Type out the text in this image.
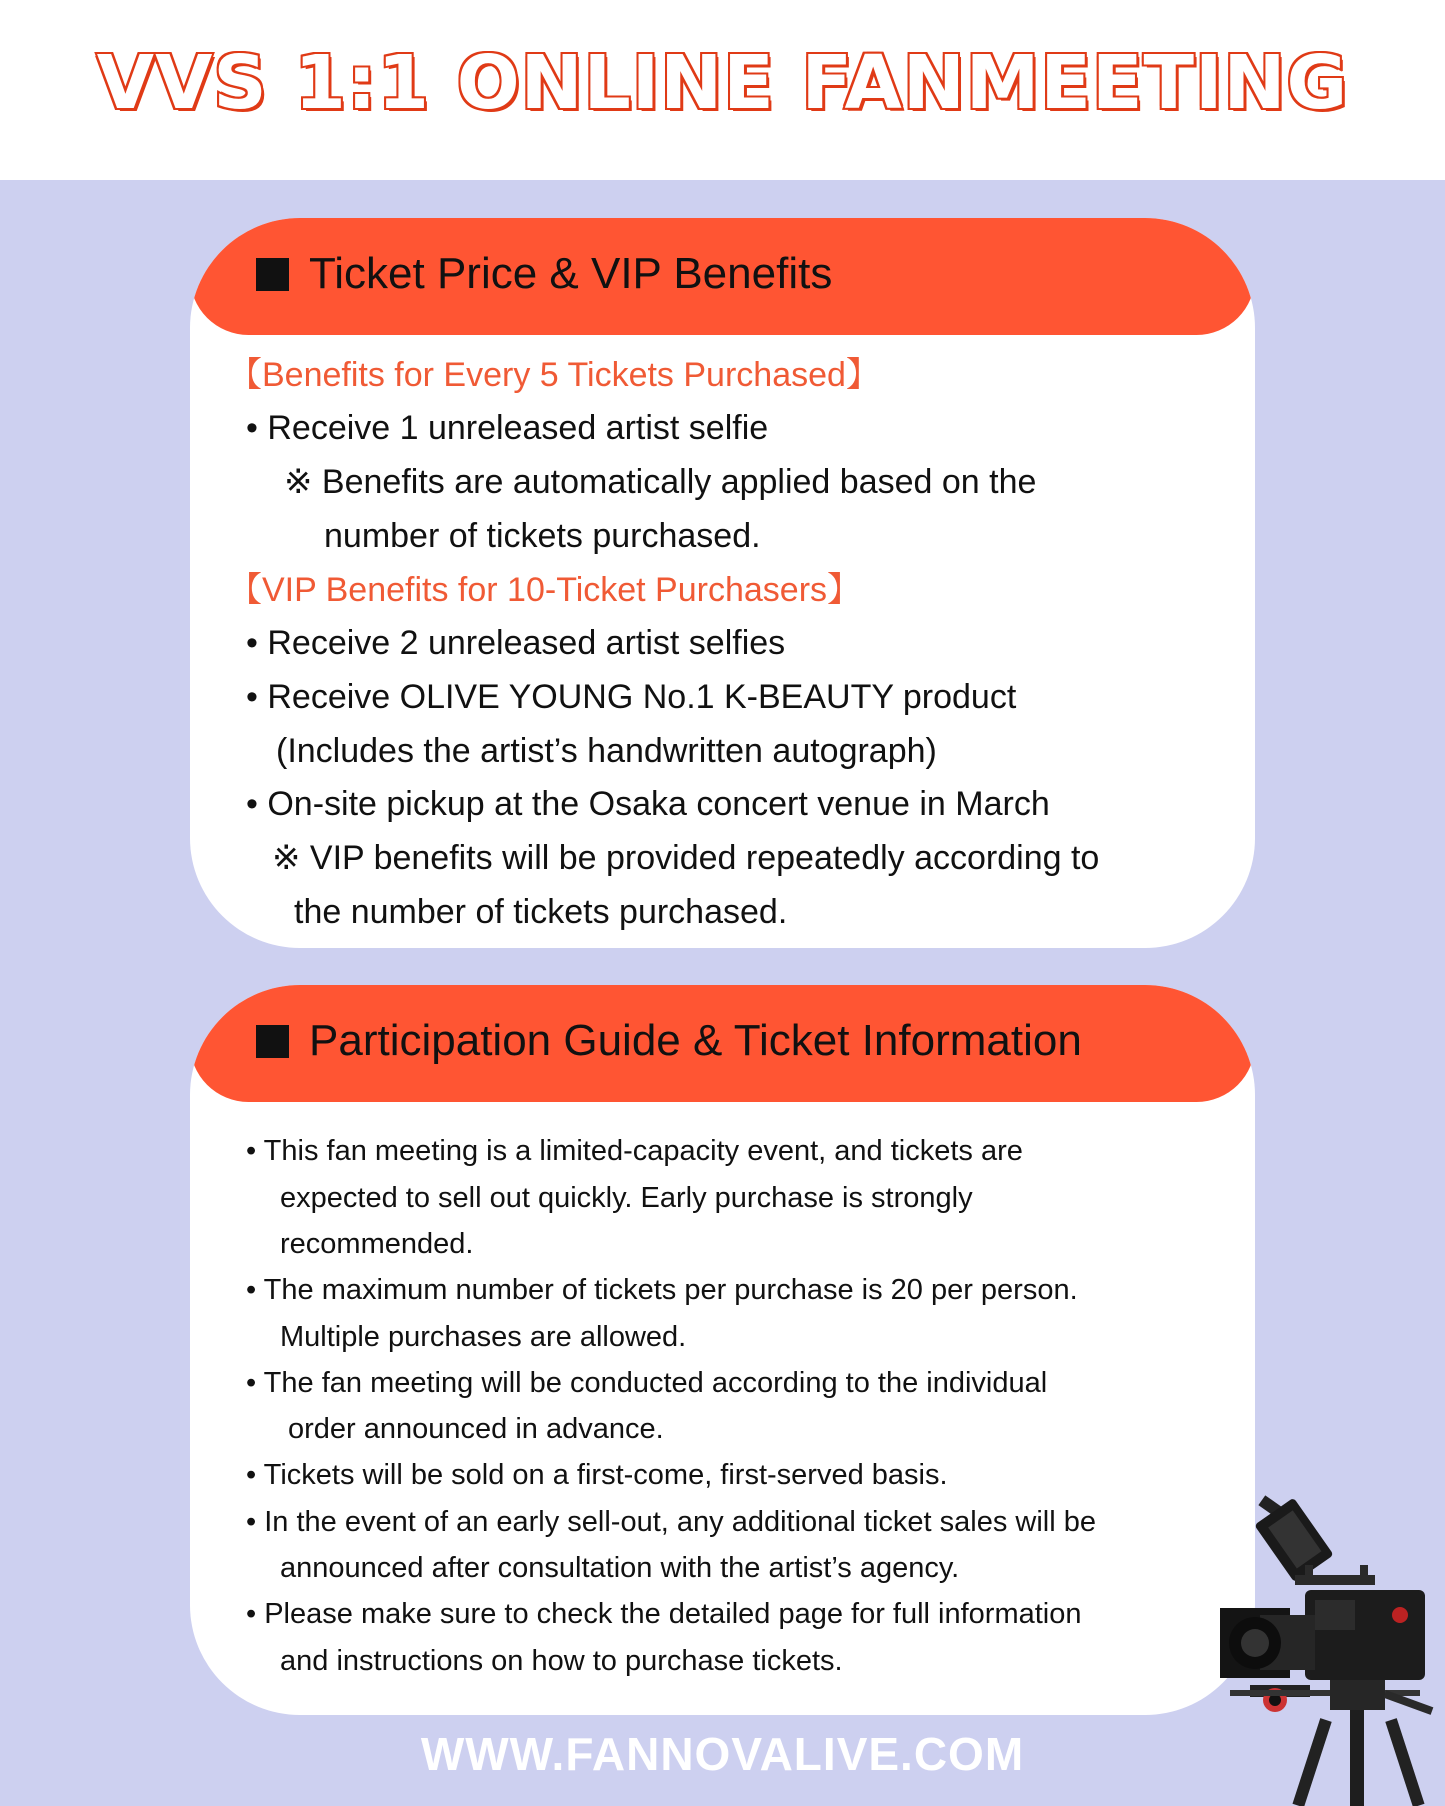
VVS 1:1 ONLINE FANMEETING
Ticket Price & VIP Benefits
【Benefits for Every 5 Tickets Purchased】
• Receive 1 unreleased artist selfie
※ Benefits are automatically applied based on the
number of tickets purchased.
【VIP Benefits for 10-Ticket Purchasers】
• Receive 2 unreleased artist selfies
• Receive OLIVE YOUNG No.1 K-BEAUTY product
(Includes the artist’s handwritten autograph)
• On-site pickup at the Osaka concert venue in March
※ VIP benefits will be provided repeatedly according to
the number of tickets purchased.
Participation Guide & Ticket Information
• This fan meeting is a limited-capacity event, and tickets are
expected to sell out quickly. Early purchase is strongly
recommended.
• The maximum number of tickets per purchase is 20 per person.
Multiple purchases are allowed.
• The fan meeting will be conducted according to the individual
order announced in advance.
• Tickets will be sold on a first-come, first-served basis.
• In the event of an early sell-out, any additional ticket sales will be
announced after consultation with the artist’s agency.
• Please make sure to check the detailed page for full information
and instructions on how to purchase tickets.
WWW.FANNOVALIVE.COM
